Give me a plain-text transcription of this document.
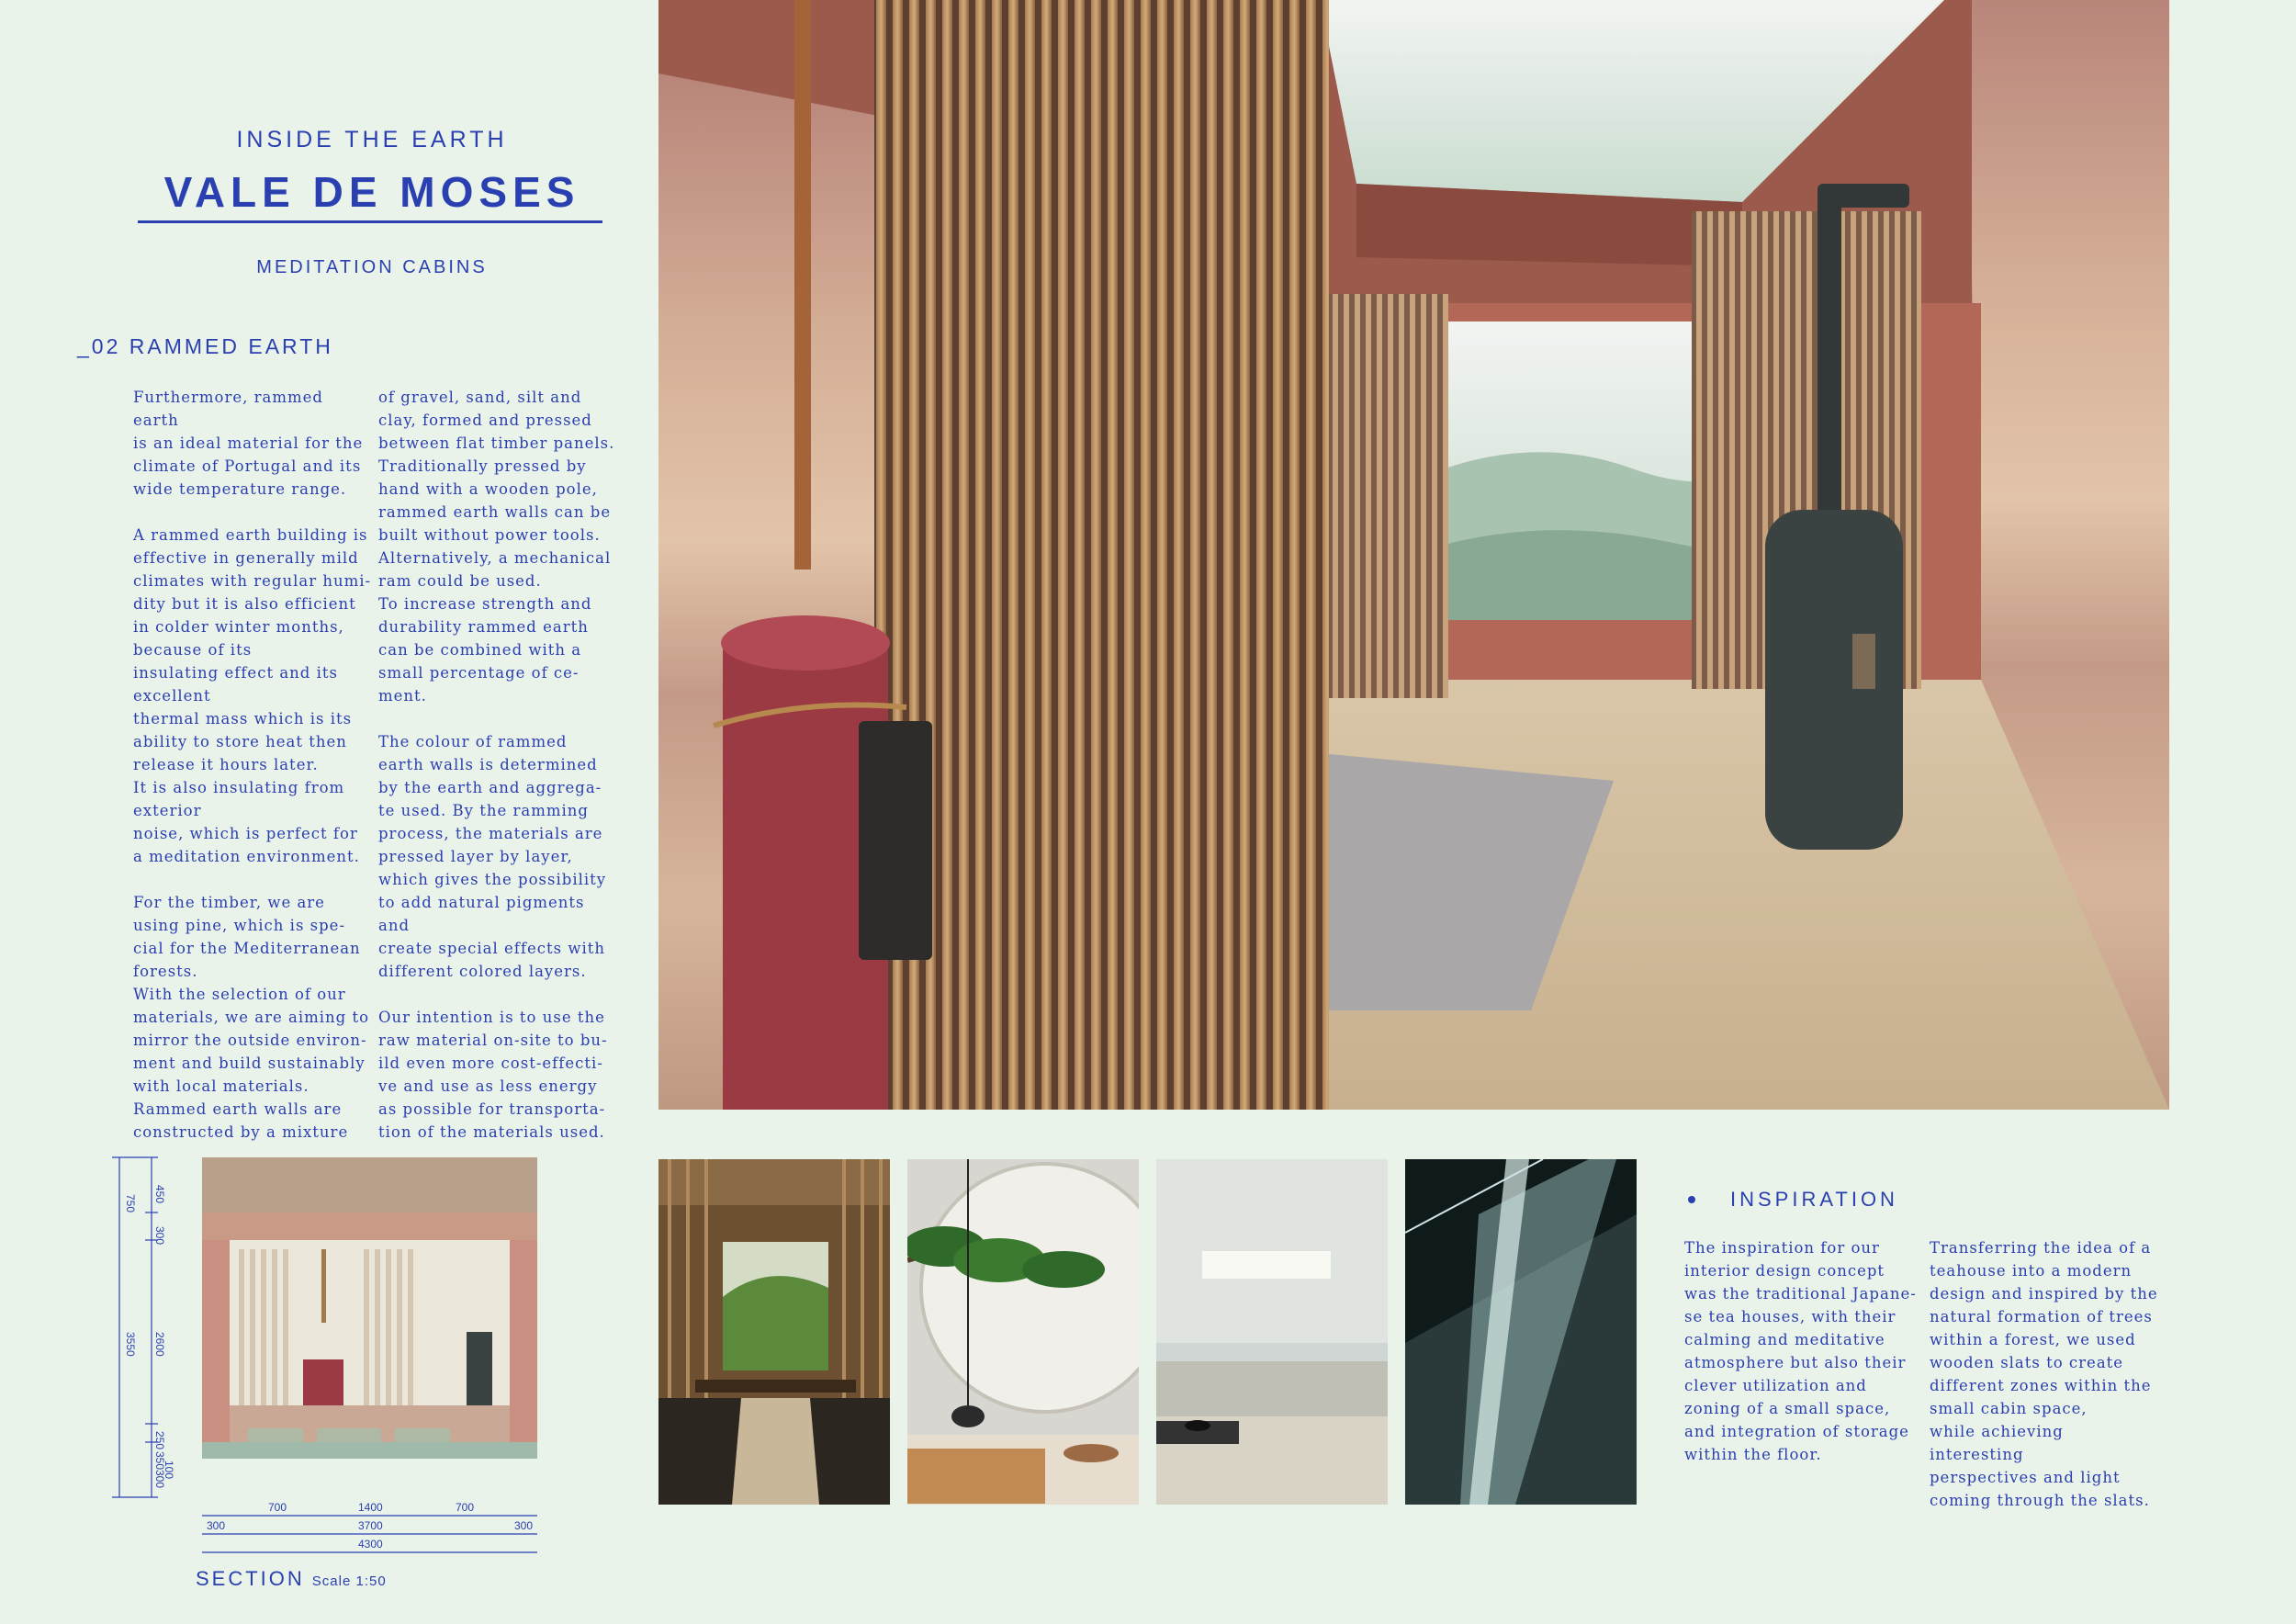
INSIDE THE EARTH
VALE DE MOSES
MEDITATION CABINS
_02 RAMMED EARTH
Furthermore, rammed earth
is an ideal material for the
climate of Portugal and its
wide temperature range.

A rammed earth building is
effective in generally mild
climates with regular humi-
dity but it is also efficient
in colder winter months,
because of its
insulating effect and its
excellent
thermal mass which is its
ability to store heat then
release it hours later.
It is also insulating from
exterior
noise, which is perfect for
a meditation environment.

For the timber, we are
using pine, which is spe-
cial for the Mediterranean
forests.
With the selection of our
materials, we are aiming to
mirror the outside environ-
ment and build sustainably
with local materials.
Rammed earth walls are
constructed by a mixture
of gravel, sand, silt and
clay, formed and pressed
between flat timber panels.
Traditionally pressed by
hand with a wooden pole,
rammed earth walls can be
built without power tools.
Alternatively, a mechanical
ram could be used.
To increase strength and
durability rammed earth
can be combined with a
small percentage of ce-
ment.

The colour of rammed
earth walls is determined
by the earth and aggrega-
te used. By the ramming
process, the materials are
pressed layer by layer,
which gives the possibility
to add natural pigments and
create special effects with
different colored layers.

Our intention is to use the
raw material on-site to bu-
ild even more cost-effecti-
ve and use as less energy
as possible for transporta-
tion of the materials used.
750 450
300
2600
3550
250
350
100
300
700	1400	700
3700
300	300
4300
SECTION Scale 1:50
INSPIRATION
The inspiration for our
interior design concept
was the traditional Japane-
se tea houses, with their
calming and meditative
atmosphere but also their
clever utilization and
zoning of a small space,
and integration of storage
within the floor.
Transferring the idea of a
teahouse into a modern
design and inspired by the
natural formation of trees
within a forest, we used
wooden slats to create
different zones within the
small cabin space,
while achieving interesting
perspectives and light
coming through the slats.
